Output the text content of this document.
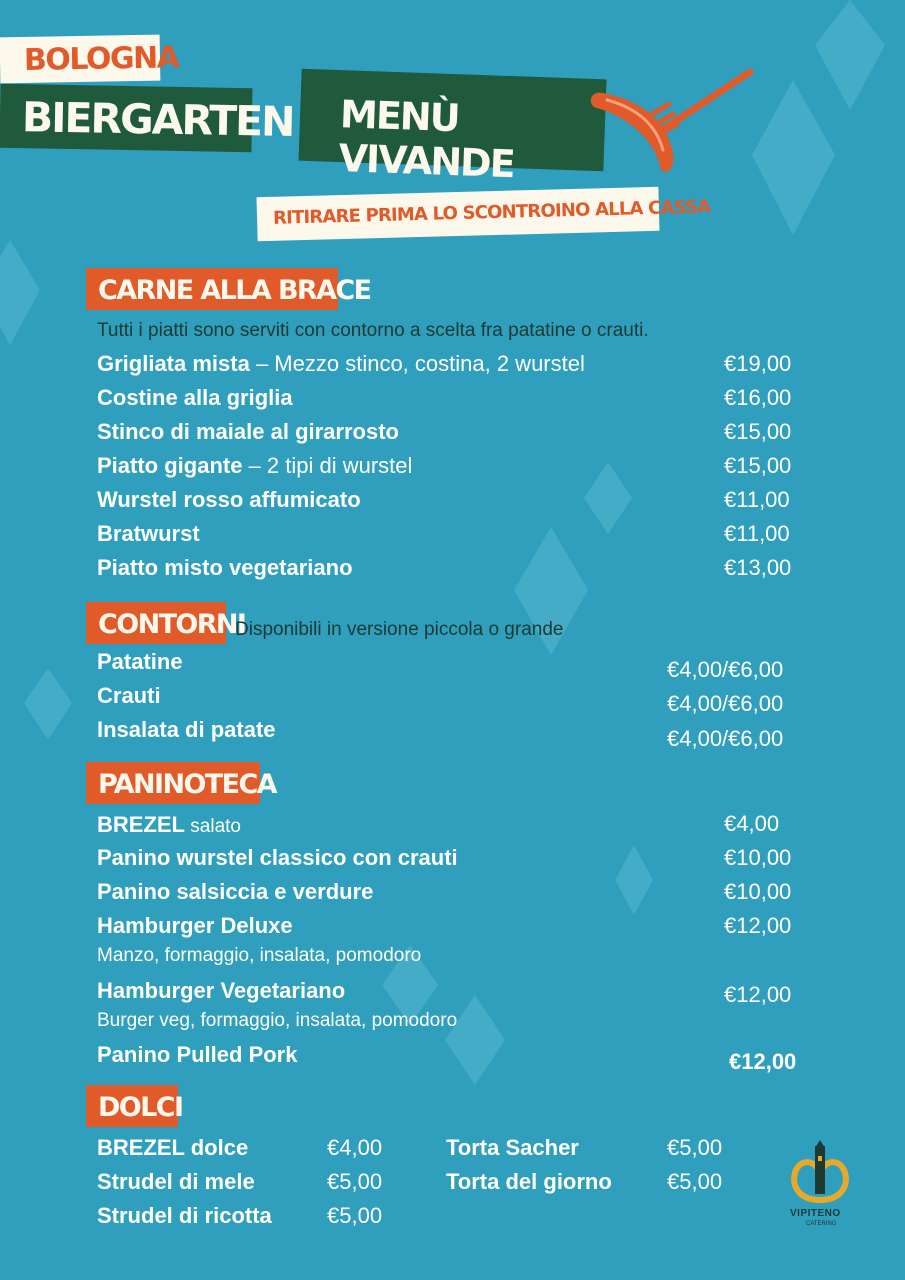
BOLOGNA
BIERGARTEN MENÙ VIVANDE
RITIRARE PRIMA LO SCONTROINO ALLA CASSA
CARNE ALLA BRACE
Tutti i piatti sono serviti con contorno a scelta fra patatine o crauti.
Grigliata mista – Mezzo stinco, costina, 2 wurstel	€19,00
Costine alla griglia	€16,00
Stinco di maiale al girarrosto	€15,00
Piatto gigante – 2 tipi di wurstel	€15,00
Wurstel rosso affumicato	€11,00
Bratwurst	€11,00
Piatto misto vegetariano	€13,00
CONTORNI
Disponibili in versione piccola o grande
Patatine	€4,00/€6,00
Crauti	€4,00/€6,00
Insalata di patate	€4,00/€6,00
PANINOTECA
BREZEL salato	€4,00
Panino wurstel classico con crauti	€10,00
Panino salsiccia e verdure	€10,00
Hamburger Deluxe	€12,00
Manzo, formaggio, insalata, pomodoro
Hamburger Vegetariano	€12,00
Burger veg, formaggio, insalata, pomodoro
Panino Pulled Pork	€12,00
DOLCI
BREZEL dolce	€4,00
Strudel di mele	€5,00
Strudel di ricotta	€5,00
Torta Sacher	€5,00
Torta del giorno	€5,00
VIPITENO
CATERING
